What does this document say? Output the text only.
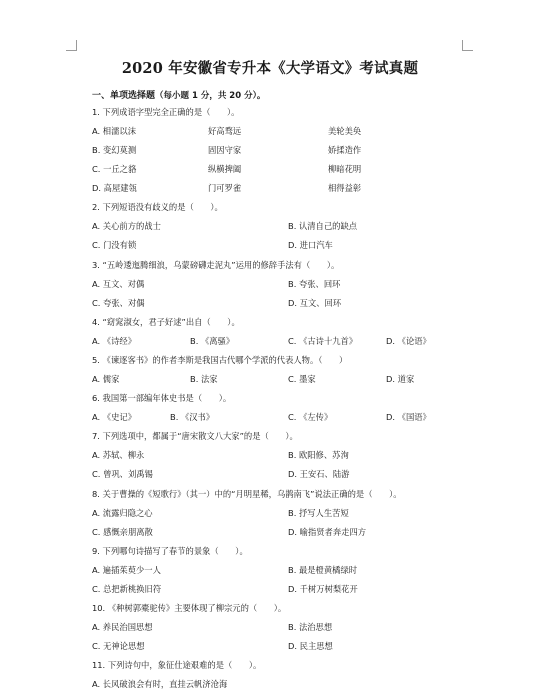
2020 年安徽省专升本《大学语文》考试真题
一、单项选择题（每小题 1 分，共 20 分）。
1. 下列成语字型完全正确的是（　　）。
A. 相濡以沫	好高骛远	美轮美奂
B. 变幻莫测	固因守家	娇揉造作
C. 一丘之貉	纵横捭阖	柳暗花明
D. 高屋建瓴	门可罗雀	相得益彰
2. 下列短语没有歧义的是（　　）。
A. 关心前方的战士	B. 认清自己的缺点
C. 门没有锁	D. 进口汽车
3. “五岭逶迤腾细浪，乌蒙磅礴走泥丸”运用的修辞手法有（　　）。
A. 互文、对偶	B. 夸张、回环
C. 夸张、对偶	D. 互文、回环
4. “窈窕淑女，君子好逑”出自（　　）。
A. 《诗经》	B. 《离骚》	C. 《古诗十九首》	D. 《论语》
5. 《谏逐客书》的作者李斯是我国古代哪个学派的代表人物。（　　）
A. 儒家	B. 法家	C. 墨家	D. 道家
6. 我国第一部编年体史书是（　　）。
A. 《史记》	B. 《汉书》	C. 《左传》	D. 《国语》
7. 下列选项中，都属于“唐宋散文八大家”的是（　　）。
A. 苏轼、柳永	B. 欧阳修、苏洵
C. 曾巩、刘禹锡	D. 王安石、陆游
8. 关于曹操的《短歌行》（其一）中的“月明星稀，乌鹊南飞”说法正确的是（　　）。
A. 流露归隐之心	B. 抒写人生苦短
C. 感慨亲朋离散	D. 喻指贤者奔走四方
9. 下列哪句诗描写了春节的景象（　　）。
A. 遍插茱萸少一人	B. 最是橙黄橘绿时
C. 总把新桃换旧符	D. 千树万树梨花开
10. 《种树郭橐驼传》主要体现了柳宗元的（　　）。
A. 养民治国思想	B. 法治思想
C. 无神论思想	D. 民主思想
11. 下列诗句中，象征仕途艰难的是（　　）。
A. 长风破浪会有时，直挂云帆济沧海
